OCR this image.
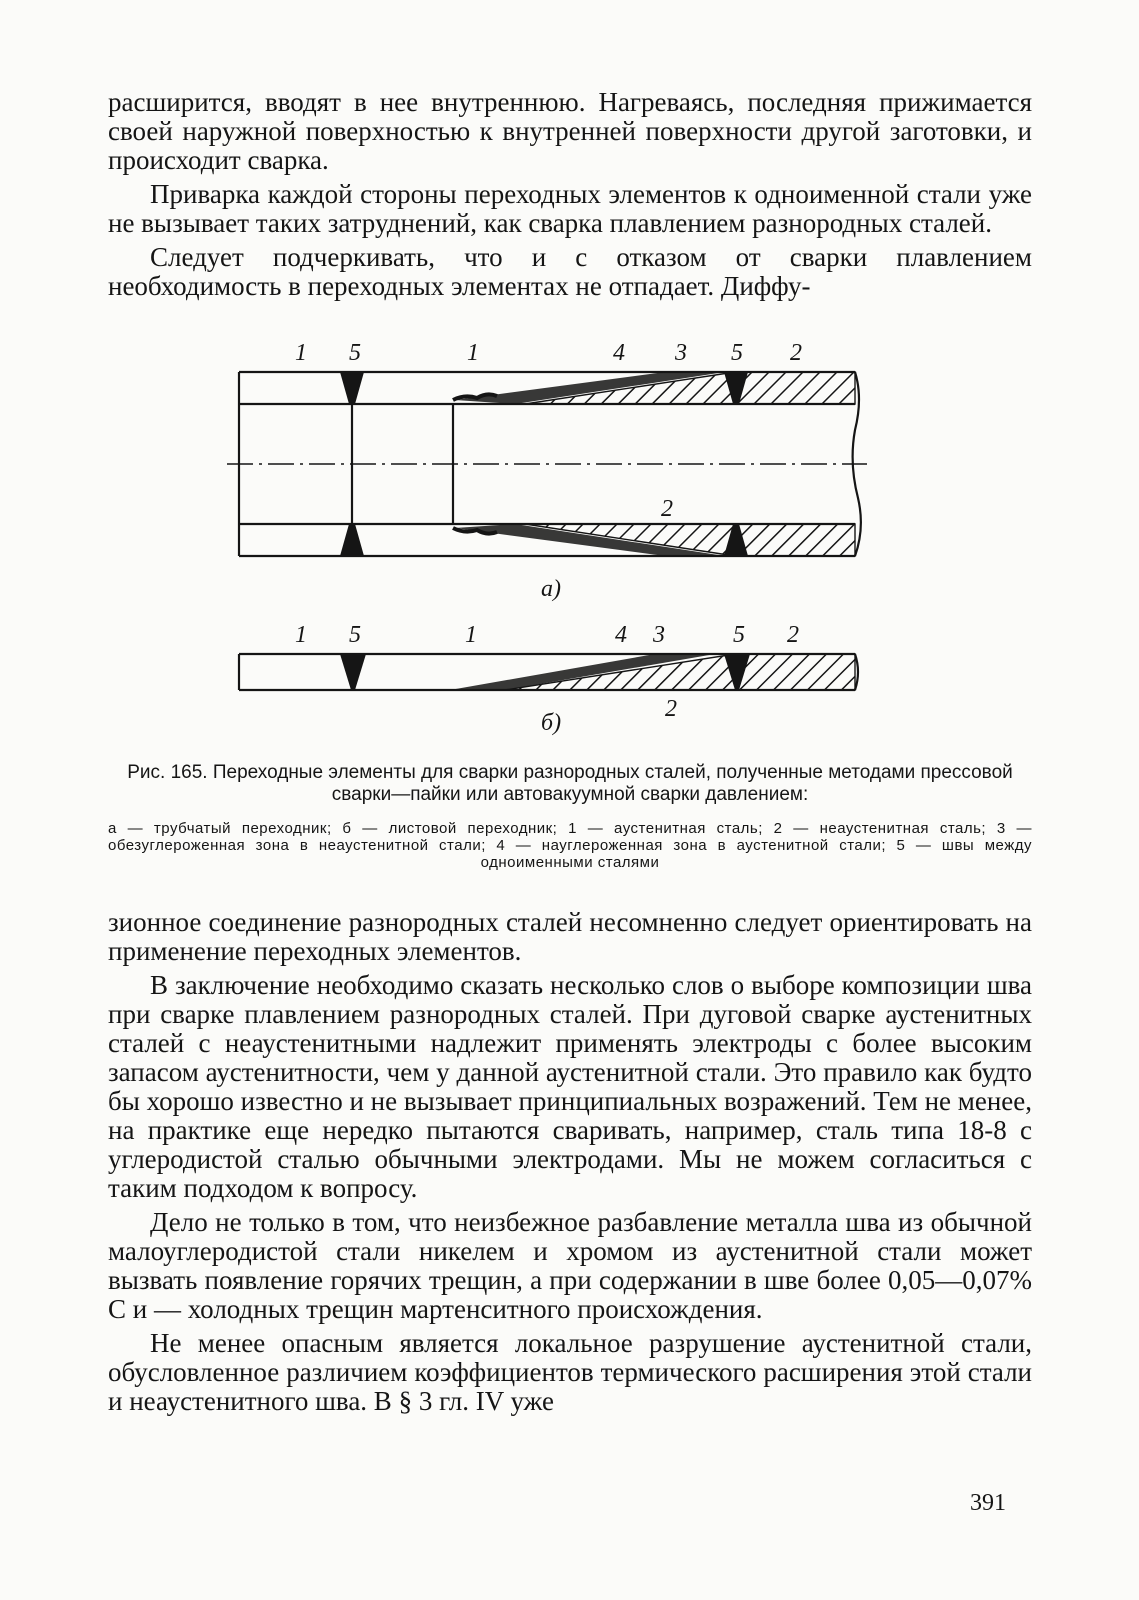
расширится, вводят в нее внутреннюю. Нагреваясь, последняя прижимается своей наружной поверхностью к внутренней поверхности другой заготовки, и происходит сварка.

Приварка каждой стороны переходных элементов к одноименной стали уже не вызывает таких затруднений, как сварка плавлением разнородных сталей.

Следует подчеркивать, что и с отказом от сварки плавлением необходимость в переходных элементах не отпадает. Диффу-

1 5	1	4 3 5 2
2
а)
1 5	1	4 3	5 2
2
б)
Рис. 165. Переходные элементы для сварки разнородных сталей, полученные методами прессовой сварки—пайки или автовакуумной сварки давлением:
а — трубчатый переходник; б — листовой переходник; 1 — аустенитная сталь; 2 — неаустенитная сталь; 3 — обезуглероженная зона в неаустенитной стали; 4 — науглероженная зона в аустенитной стали; 5 — швы между одноименными сталями

зионное соединение разнородных сталей несомненно следует ориентировать на применение переходных элементов.

В заключение необходимо сказать несколько слов о выборе композиции шва при сварке плавлением разнородных сталей. При дуговой сварке аустенитных сталей с неаустенитными надлежит применять электроды с более высоким запасом аустенитности, чем у данной аустенитной стали. Это правило как будто бы хорошо известно и не вызывает принципиальных возражений. Тем не менее, на практике еще нередко пытаются сваривать, например, сталь типа 18-8 с углеродистой сталью обычными электродами. Мы не можем согласиться с таким подходом к вопросу.

Дело не только в том, что неизбежное разбавление металла шва из обычной малоуглеродистой стали никелем и хромом из аустенитной стали может вызвать появление горячих трещин, а при содержании в шве более 0,05—0,07% С и — холодных трещин мартенситного происхождения.

Не менее опасным является локальное разрушение аустенитной стали, обусловленное различием коэффициентов термического расширения этой стали и неаустенитного шва. В § 3 гл. IV уже

391
